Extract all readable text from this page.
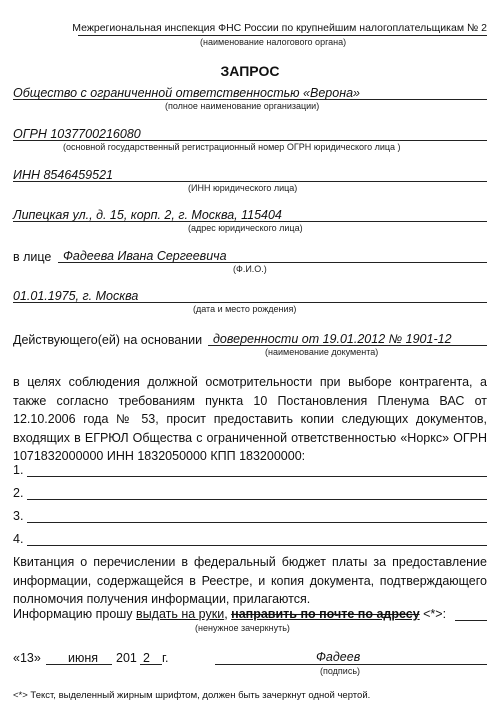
Межрегиональная инспекция ФНС России по крупнейшим налогоплательщикам № 2
(наименование налогового органа)
ЗАПРОС
Общество с ограниченной ответственностью «Верона»
(полное наименование организации)
ОГРН 1037700216080
(основной государственный регистрационный номер ОГРН юридического лица )
ИНН 8546459521
(ИНН юридического лица)
Липецкая ул., д. 15, корп. 2, г. Москва, 115404
(адрес юридического лица)
в лице Фадеева Ивана Сергеевича
(Ф.И.О.)
01.01.1975, г. Москва
(дата и место рождения)
Действующего(ей) на основании доверенности от 19.01.2012 № 1901-12
(наименование документа)
в целях соблюдения должной осмотрительности при выборе контрагента, а также согласно требованиям пункта 10 Постановления Пленума ВАС от 12.10.2006 года № 53, просит предоставить копии следующих документов, входящих в ЕГРЮЛ Общества с ограниченной ответственностью «Норкс» ОГРН 1071832000000 ИНН 1832050000 КПП 183200000:
1.
2.
3.
4.
Квитанция о перечислении в федеральный бюджет платы за предоставление информации, содержащейся в Реестре, и копия документа, подтверждающего полномочия получения информации, прилагаются.
Информацию прошу выдать на руки, направить по почте по адресу <*>:
(ненужное зачеркнуть)
«13» июня 201 2 г.	Фадеев
(подпись)
<*> Текст, выделенный жирным шрифтом, должен быть зачеркнут одной чертой.
